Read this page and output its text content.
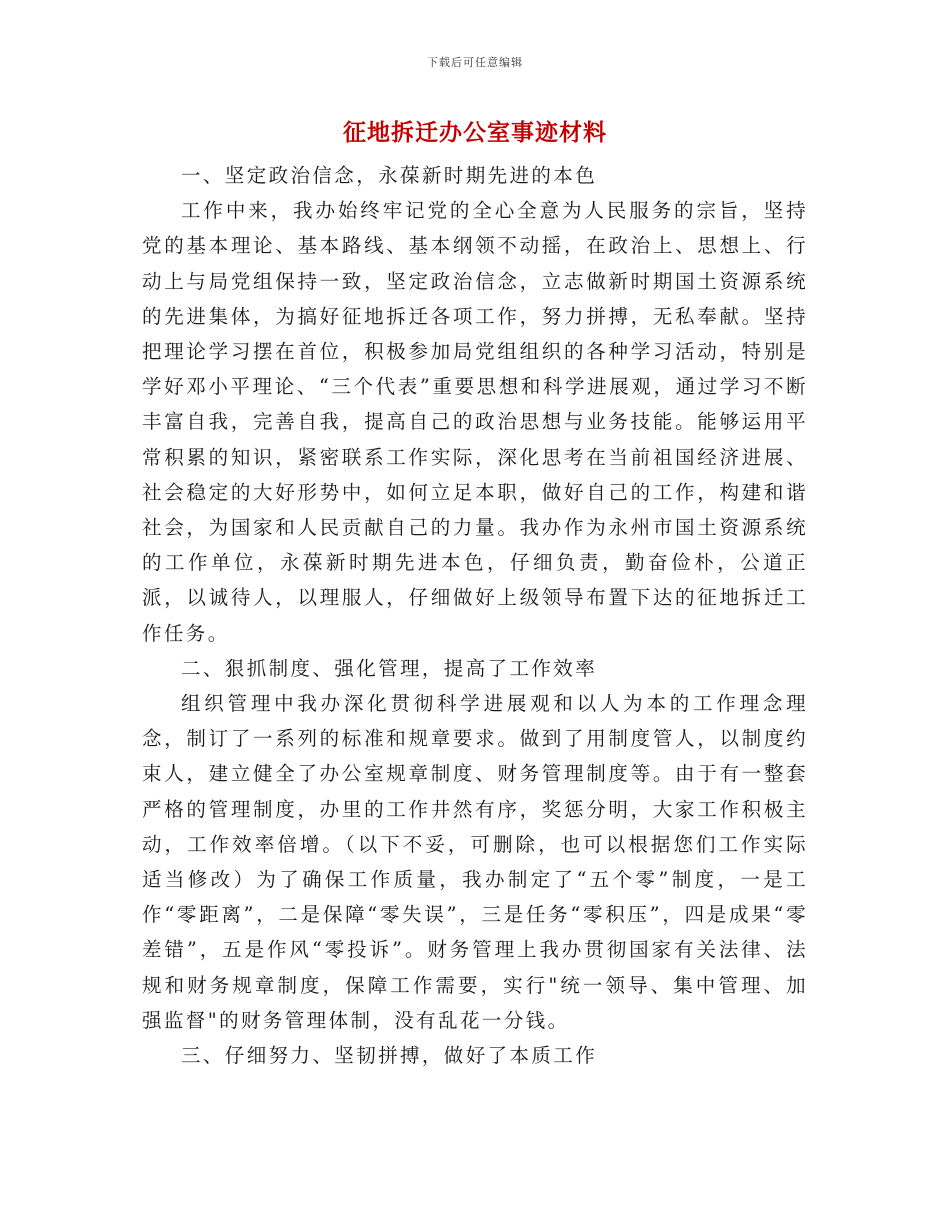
下载后可任意编辑
征地拆迁办公室事迹材料

一、坚定政治信念，永葆新时期先进的本色

工作中来，我办始终牢记党的全心全意为人民服务的宗旨，坚持党的基本理论、基本路线、基本纲领不动摇，在政治上、思想上、行动上与局党组保持一致，坚定政治信念，立志做新时期国土资源系统的先进集体，为搞好征地拆迁各项工作，努力拼搏，无私奉献。坚持把理论学习摆在首位，积极参加局党组组织的各种学习活动，特别是学好邓小平理论、“三个代表”重要思想和科学进展观，通过学习不断丰富自我，完善自我，提高自己的政治思想与业务技能。能够运用平常积累的知识，紧密联系工作实际，深化思考在当前祖国经济进展、社会稳定的大好形势中，如何立足本职，做好自己的工作，构建和谐社会，为国家和人民贡献自己的力量。我办作为永州市国土资源系统的工作单位，永葆新时期先进本色，仔细负责，勤奋俭朴，公道正派，以诚待人，以理服人，仔细做好上级领导布置下达的征地拆迁工作任务。

二、狠抓制度、强化管理，提高了工作效率

组织管理中我办深化贯彻科学进展观和以人为本的工作理念理念，制订了一系列的标准和规章要求。做到了用制度管人，以制度约束人，建立健全了办公室规章制度、财务管理制度等。由于有一整套严格的管理制度，办里的工作井然有序，奖惩分明，大家工作积极主动，工作效率倍增。（以下不妥，可删除，也可以根据您们工作实际适当修改）为了确保工作质量，我办制定了“五个零”制度，一是工作“零距离”，二是保障“零失误”，三是任务“零积压”，四是成果“零差错”，五是作风“零投诉”。财务管理上我办贯彻国家有关法律、法规和财务规章制度，保障工作需要，实行"统一领导、集中管理、加强监督"的财务管理体制，没有乱花一分钱。

三、仔细努力、坚韧拼搏，做好了本质工作
